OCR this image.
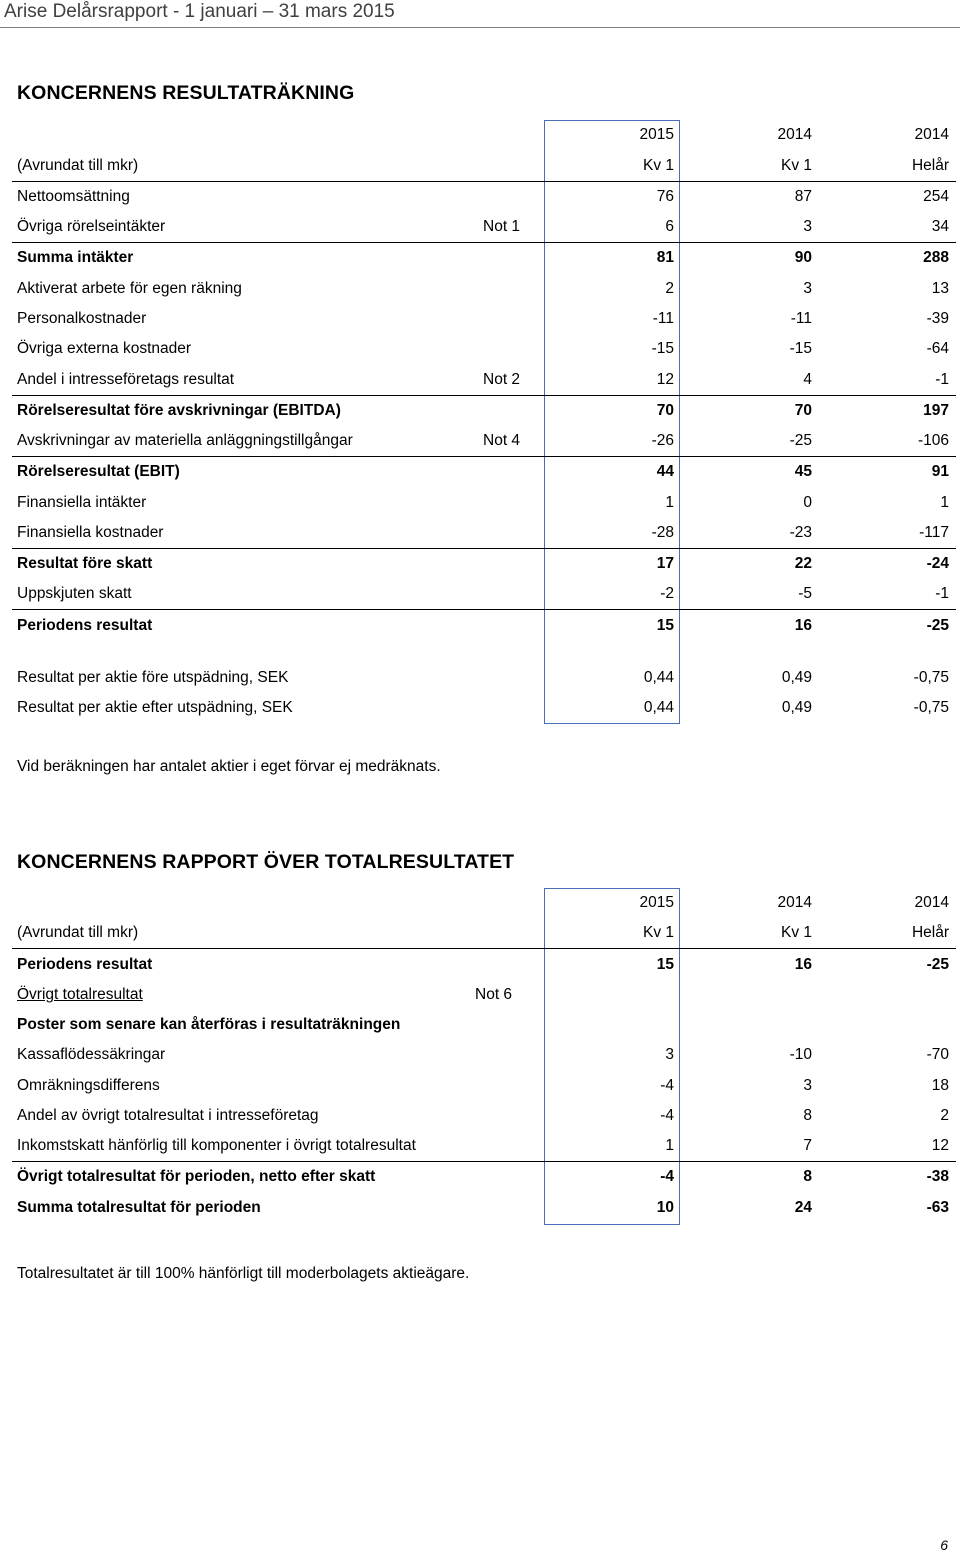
Arise Delårsrapport - 1 januari – 31 mars 2015
KONCERNENS RESULTATRÄKNING
2015	2014	2014
(Avrundat till mkr)	Kv 1	Kv 1	Helår
Nettoomsättning	76	87	254
Övriga rörelseintäkter	Not 1	6	3	34
Summa intäkter	81	90	288
Aktiverat arbete för egen räkning	2	3	13
Personalkostnader	-11	-11	-39
Övriga externa kostnader	-15	-15	-64
Andel i intresseföretags resultat	Not 2	12	4	-1
Rörelseresultat före avskrivningar (EBITDA)	70	70	197
Avskrivningar av materiella anläggningstillgångar	Not 4	-26	-25	-106
Rörelseresultat (EBIT)	44	45	91
Finansiella intäkter	1	0	1
Finansiella kostnader	-28	-23	-117
Resultat före skatt	17	22	-24
Uppskjuten skatt	-2	-5	-1
Periodens resultat	15	16	-25
Resultat per aktie före utspädning, SEK	0,44	0,49	-0,75
Resultat per aktie efter utspädning, SEK	0,44	0,49	-0,75
Vid beräkningen har antalet aktier i eget förvar ej medräknats.
KONCERNENS RAPPORT ÖVER TOTALRESULTATET
2015	2014	2014
(Avrundat till mkr)	Kv 1	Kv 1	Helår
Periodens resultat	15	16	-25
Övrigt totalresultat	Not 6
Poster som senare kan återföras i resultaträkningen
Kassaflödessäkringar	3	-10	-70
Omräkningsdifferens	-4	3	18
Andel av övrigt totalresultat i intresseföretag	-4	8	2
Inkomstskatt hänförlig till komponenter i övrigt totalresultat	1	7	12
Övrigt totalresultat för perioden, netto efter skatt	-4	8	-38
Summa totalresultat för perioden	10	24	-63
Totalresultatet är till 100% hänförligt till moderbolagets aktieägare.
6
